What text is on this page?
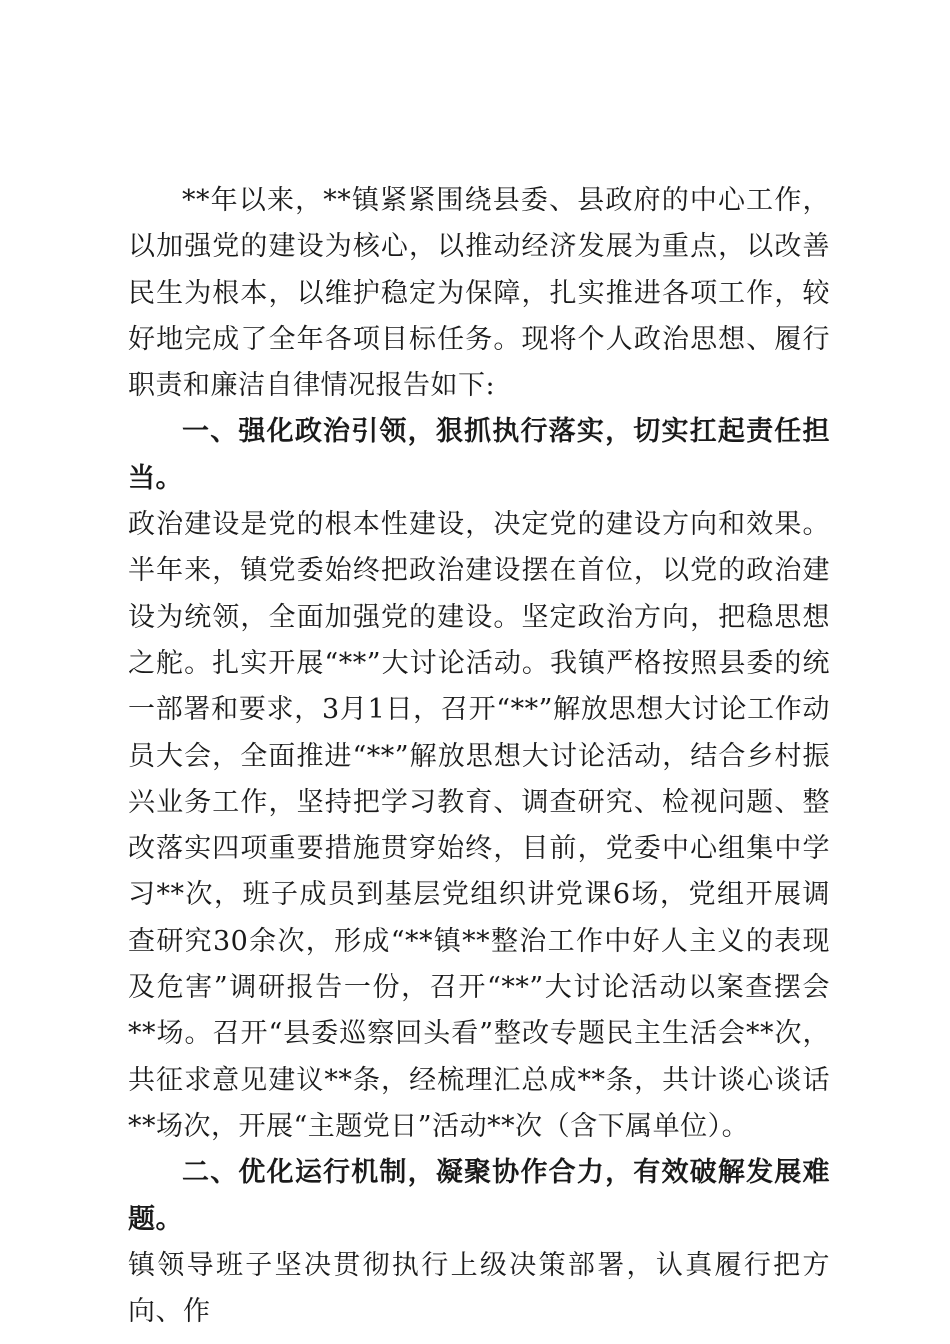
**年以来，**镇紧紧围绕县委、县政府的中心工作，以加强党的建设为核心，以推动经济发展为重点，以改善民生为根本，以维护稳定为保障，扎实推进各项工作，较好地完成了全年各项目标任务。现将个人政治思想、履行职责和廉洁自律情况报告如下:

一、强化政治引领，狠抓执行落实，切实扛起责任担当。

政治建设是党的根本性建设，决定党的建设方向和效果。半年来，镇党委始终把政治建设摆在首位，以党的政治建设为统领，全面加强党的建设。坚定政治方向，把稳思想之舵。扎实开展“**”大讨论活动。我镇严格按照县委的统一部署和要求，3月1日，召开“**”解放思想大讨论工作动员大会，全面推进“**”解放思想大讨论活动，结合乡村振兴业务工作，坚持把学习教育、调查研究、检视问题、整改落实四项重要措施贯穿始终，目前，党委中心组集中学习**次，班子成员到基层党组织讲党课6场，党组开展调查研究30余次，形成“**镇**整治工作中好人主义的表现及危害”调研报告一份，召开“**”大讨论活动以案查摆会**场。召开“县委巡察回头看”整改专题民主生活会**次，共征求意见建议**条，经梳理汇总成**条，共计谈心谈话**场次，开展“主题党日”活动**次（含下属单位）。

二、优化运行机制，凝聚协作合力，有效破解发展难题。

镇领导班子坚决贯彻执行上级决策部署，认真履行把方向、作
